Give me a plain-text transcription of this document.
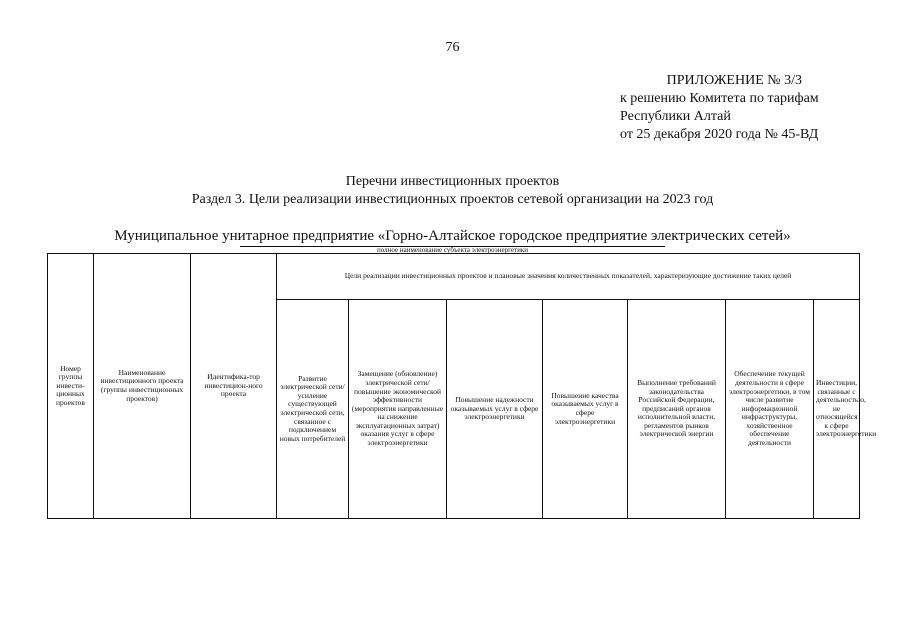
76
ПРИЛОЖЕНИЕ № 3/3
к решению Комитета по тарифам
Республики Алтай
от 25 декабря 2020 года № 45-ВД
Перечни инвестиционных проектов
Раздел 3. Цели реализации инвестиционных проектов сетевой организации на 2023 год
Муниципальное унитарное предприятие «Горно-Алтайское городское предприятие электрических сетей»
полное наименование субъекта электроэнергетики
Номер группы инвести-ционных проектов	Наименование инвестиционного проекта (группы инвестиционных проектов)	Идентифика-тор инвестицион-ного проекта	Цели реализации инвестиционных проектов и плановые значения количественных показателей, характеризующие достижение таких целей						
			Развитие электрической сети/усиление существующей электрической сети, связанное с подключением новых потребителей	Замещение (обновление) электрической сети/повышение экономической эффективности (мероприятия направленные на снижение эксплуатационных затрат) оказания услуг в сфере электроэнергетики	Повышение надежности оказываемых услуг в сфере электроэнергетики	Повышение качества оказываемых услуг в сфере электроэнергетики	Выполнение требований законодательства Российской Федерации, предписаний органов исполнительной власти, регламентов рынков электрической энергии	Обеспечение текущей деятельности в сфере электроэнергетики, в том числе развитие информационной инфраструктуры, хозяйственное обеспечение деятельности	Инвестиции, связанные с деятельностью, не относящейся к сфере электроэнергетики
